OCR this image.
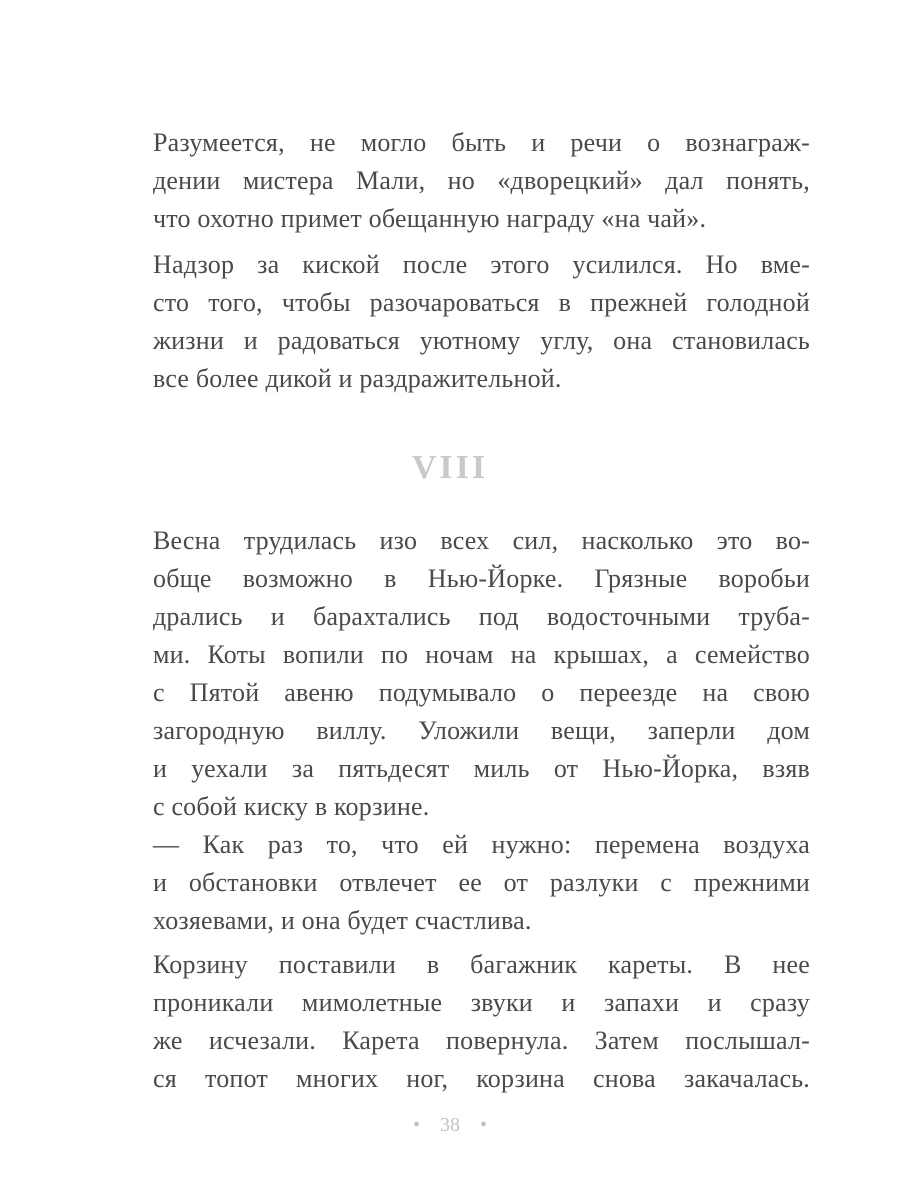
Разумеется, не могло быть и речи о вознаграж-
дении мистера Мали, но «дворецкий» дал понять,
что охотно примет обещанную награду «на чай».
Надзор за киской после этого усилился. Но вме-
сто того, чтобы разочароваться в прежней голодной
жизни и радоваться уютному углу, она становилась
все более дикой и раздражительной.
VIII
Весна трудилась изо всех сил, насколько это во-
обще возможно в Нью-Йорке. Грязные воробьи
дрались и барахтались под водосточными труба-
ми. Коты вопили по ночам на крышах, а семейство
с Пятой авеню подумывало о переезде на свою
загородную виллу. Уложили вещи, заперли дом
и уехали за пятьдесят миль от Нью-Йорка, взяв
с собой киску в корзине.
— Как раз то, что ей нужно: перемена воздуха
и обстановки отвлечет ее от разлуки с прежними
хозяевами, и она будет счастлива.
Корзину поставили в багажник кареты. В нее
проникали мимолетные звуки и запахи и сразу
же исчезали. Карета повернула. Затем послышал-
ся топот многих ног, корзина снова закачалась.
• 38 •
